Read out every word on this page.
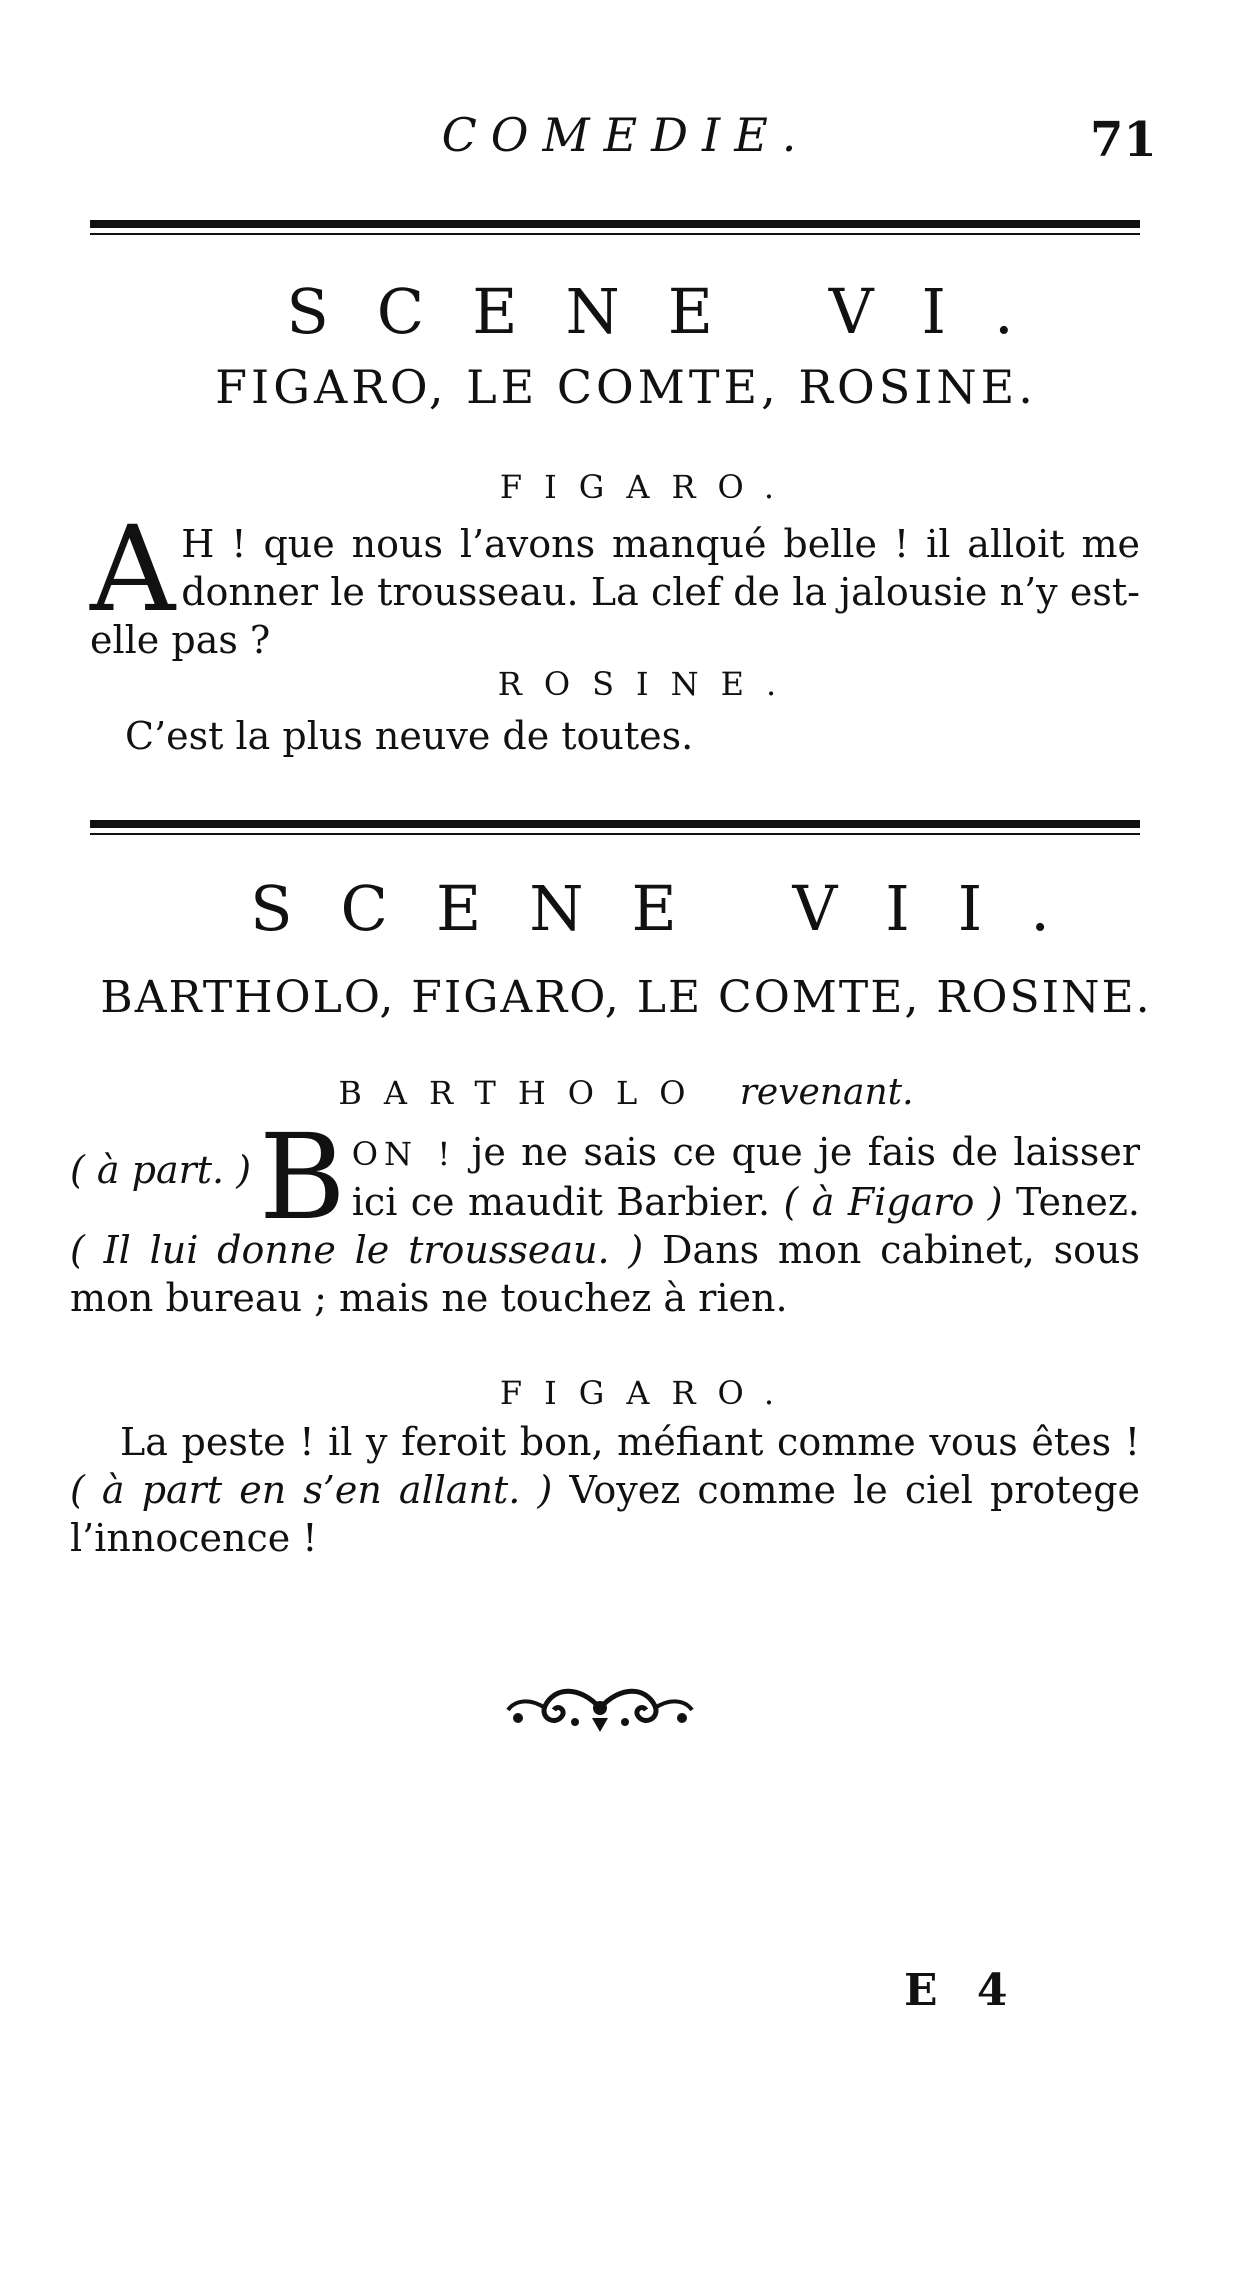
COMEDIE.	71
SCENE VI.
FIGARO, LE COMTE, ROSINE.
FIGARO.
A H ! que nous l’avons manqué belle ! il alloit me donner le trousseau. La clef de la jalousie n’y est-elle pas ?
ROSINE.
C’est la plus neuve de toutes.
SCENE VII.
BARTHOLO, FIGARO, LE COMTE, ROSINE.
BARTHOLO revenant.
( à part. ) B ON ! je ne sais ce que je fais de laisser ici ce maudit Barbier. ( à Figaro ) Tenez. ( Il lui donne le trousseau. ) Dans mon cabinet, sous mon bureau ; mais ne touchez à rien.
FIGARO.
La peste ! il y feroit bon, méfiant comme vous êtes ! ( à part en s’en allant. ) Voyez comme le ciel protege l’innocence !
E 4
